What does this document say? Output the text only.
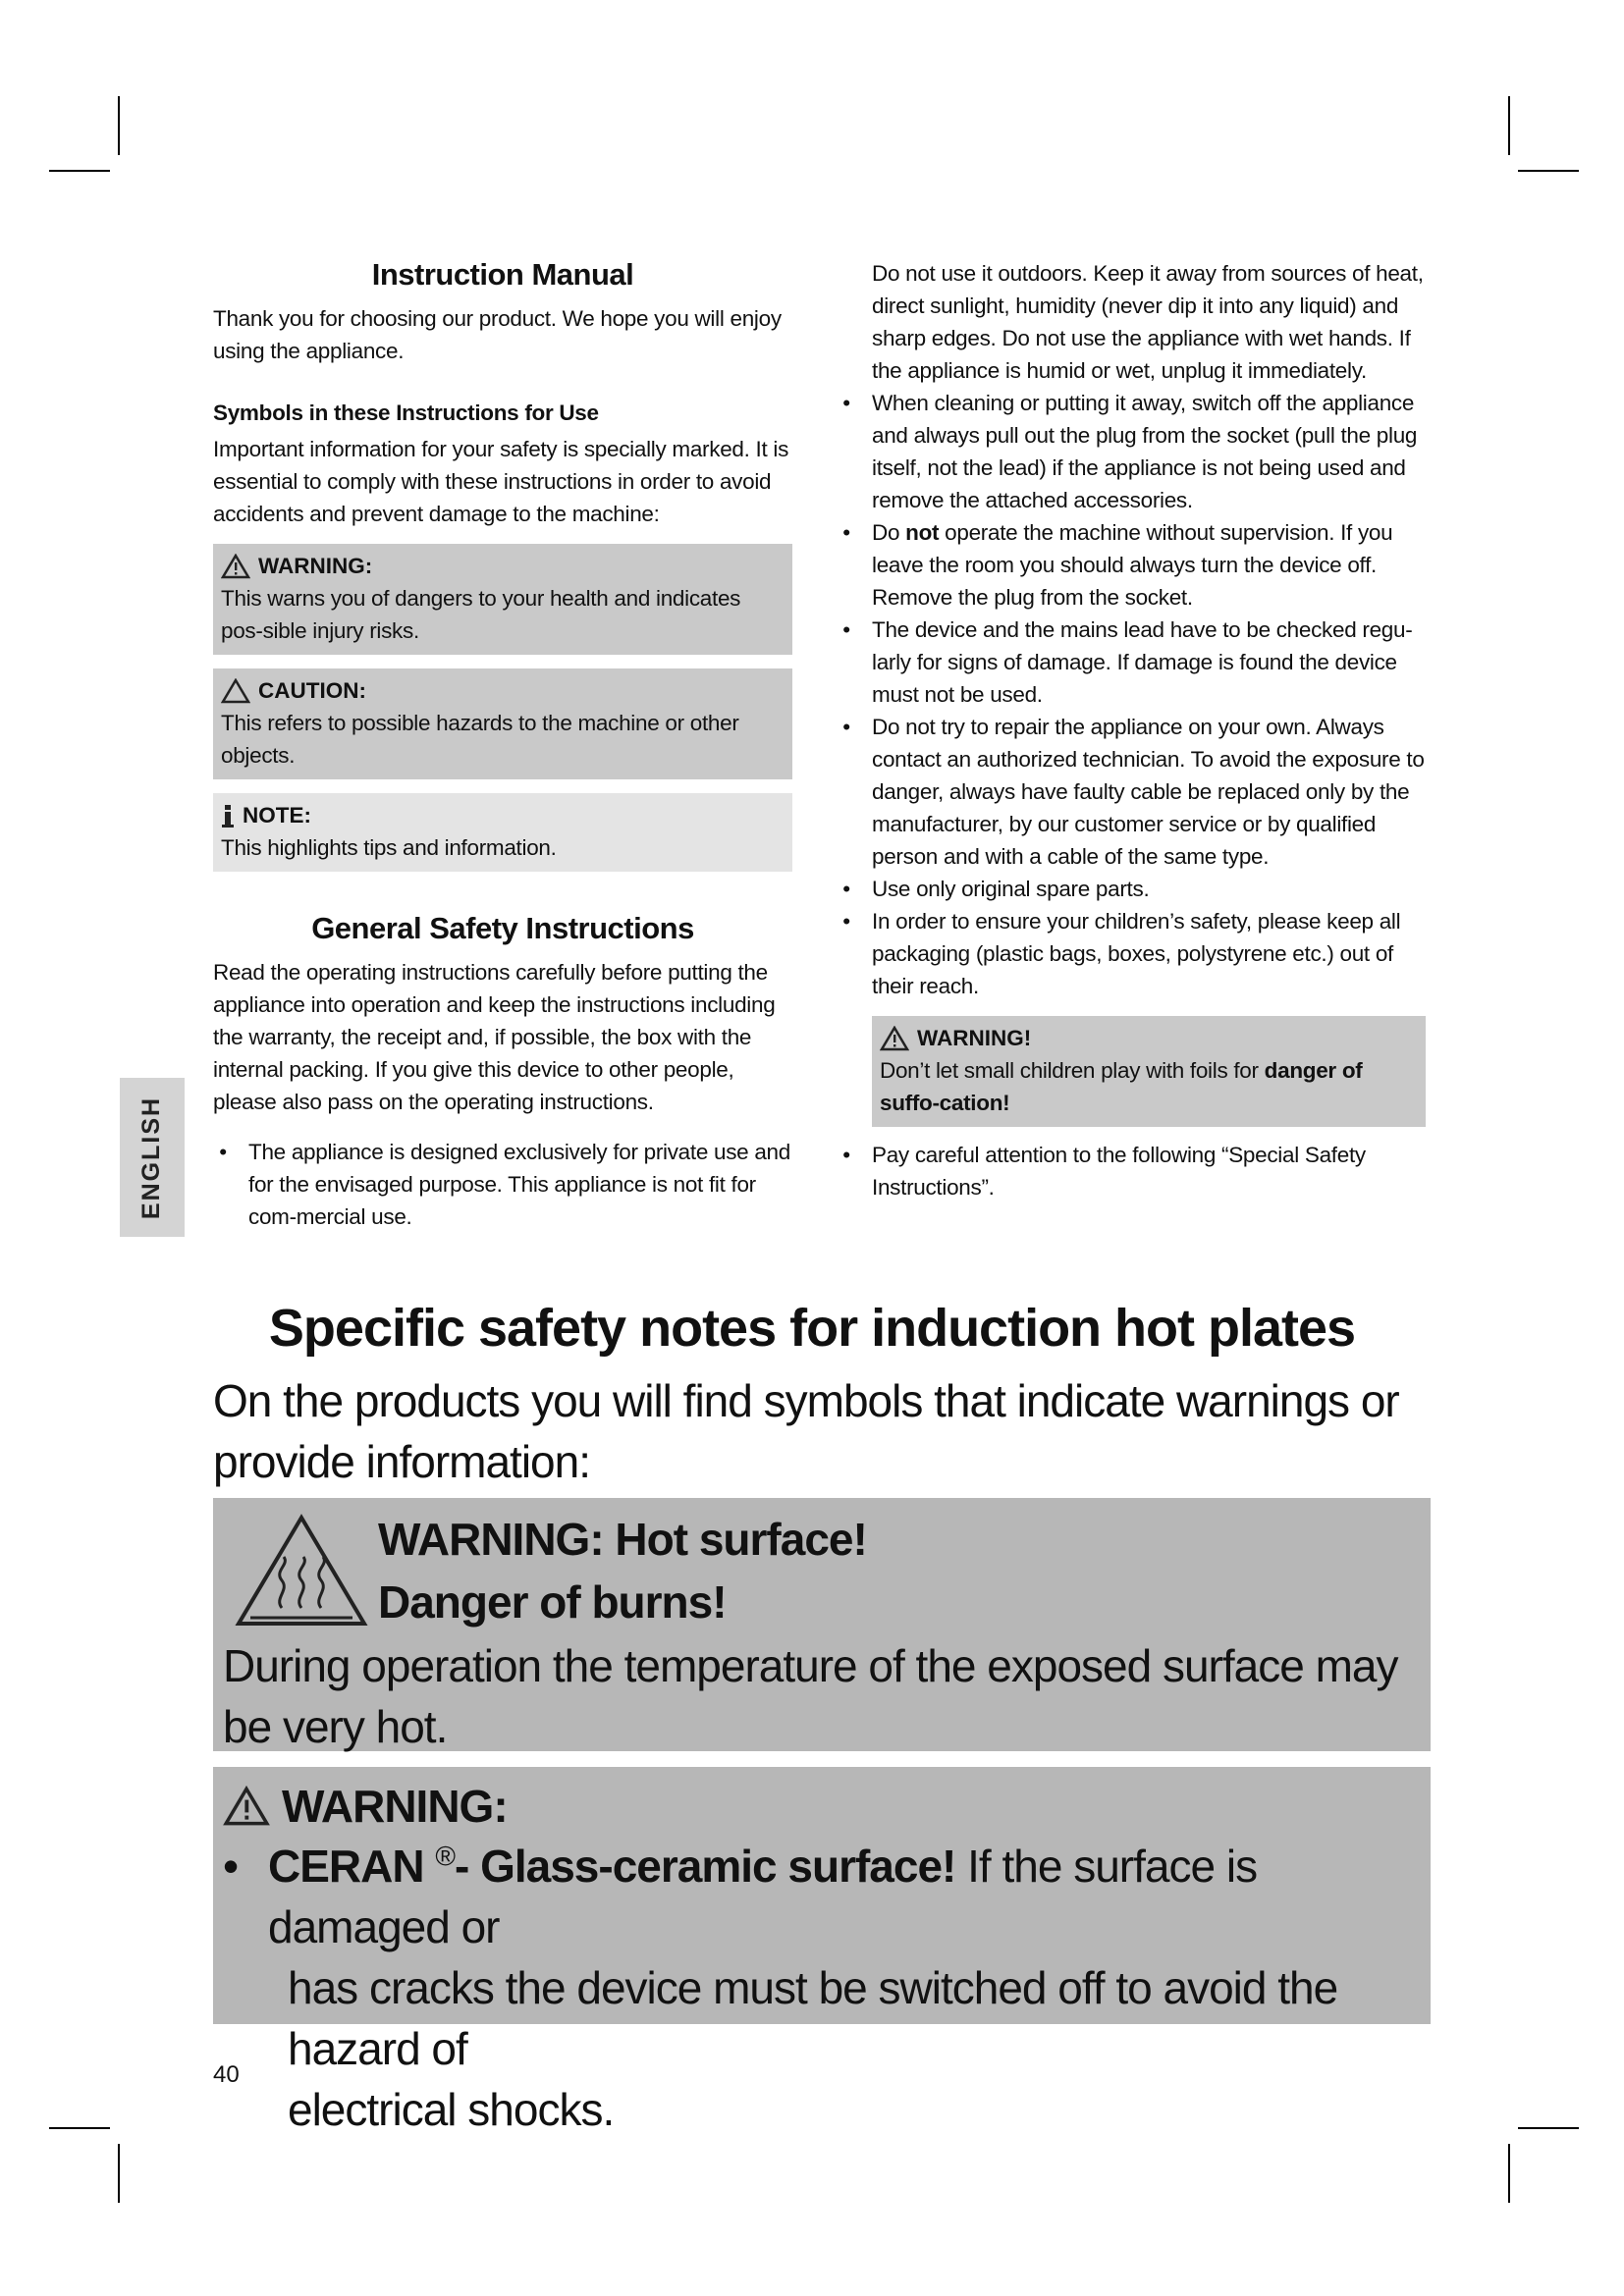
Instruction Manual

Thank you for choosing our product. We hope you will enjoy using the appliance.

Symbols in these Instructions for Use

Important information for your safety is specially marked. It is essential to comply with these instructions in order to avoid accidents and prevent damage to the machine:

WARNING:
This warns you of dangers to your health and indicates pos-sible injury risks.
CAUTION:
This refers to possible hazards to the machine or other objects.
NOTE:
This highlights tips and information.
General Safety Instructions

Read the operating instructions carefully before putting the appliance into operation and keep the instructions including the warranty, the receipt and, if possible, the box with the internal packing. If you give this device to other people, please also pass on the operating instructions.

• The appliance is designed exclusively for private use and for the envisaged purpose. This appliance is not fit for com-mercial use.

Do not use it outdoors. Keep it away from sources of heat, direct sunlight, humidity (never dip it into any liquid) and sharp edges. Do not use the appliance with wet hands. If the appliance is humid or wet, unplug it immediately.

• When cleaning or putting it away, switch off the appliance and always pull out the plug from the socket (pull the plug itself, not the lead) if the appliance is not being used and remove the attached accessories.
• Do not operate the machine without supervision. If you leave the room you should always turn the device off. Remove the plug from the socket.
• The device and the mains lead have to be checked regu-larly for signs of damage. If damage is found the device must not be used.
• Do not try to repair the appliance on your own. Always contact an authorized technician. To avoid the exposure to danger, always have faulty cable be replaced only by the manufacturer, by our customer service or by qualified person and with a cable of the same type.
• Use only original spare parts.
• In order to ensure your children’s safety, please keep all packaging (plastic bags, boxes, polystyrene etc.) out of their reach.
WARNING!
Don’t let small children play with foils for danger of suffo-cation!
• Pay careful attention to the following “Special Safety Instructions”.
ENGLISH
Specific safety notes for induction hot plates
On the products you will find symbols that indicate warnings or provide information:
WARNING: Hot surface!
Danger of burns!
During operation the temperature of the exposed surface may be very hot.
WARNING:
• CERAN ®- Glass-ceramic surface! If the surface is damaged or
has cracks the device must be switched off to avoid the hazard of
electrical shocks.
40
